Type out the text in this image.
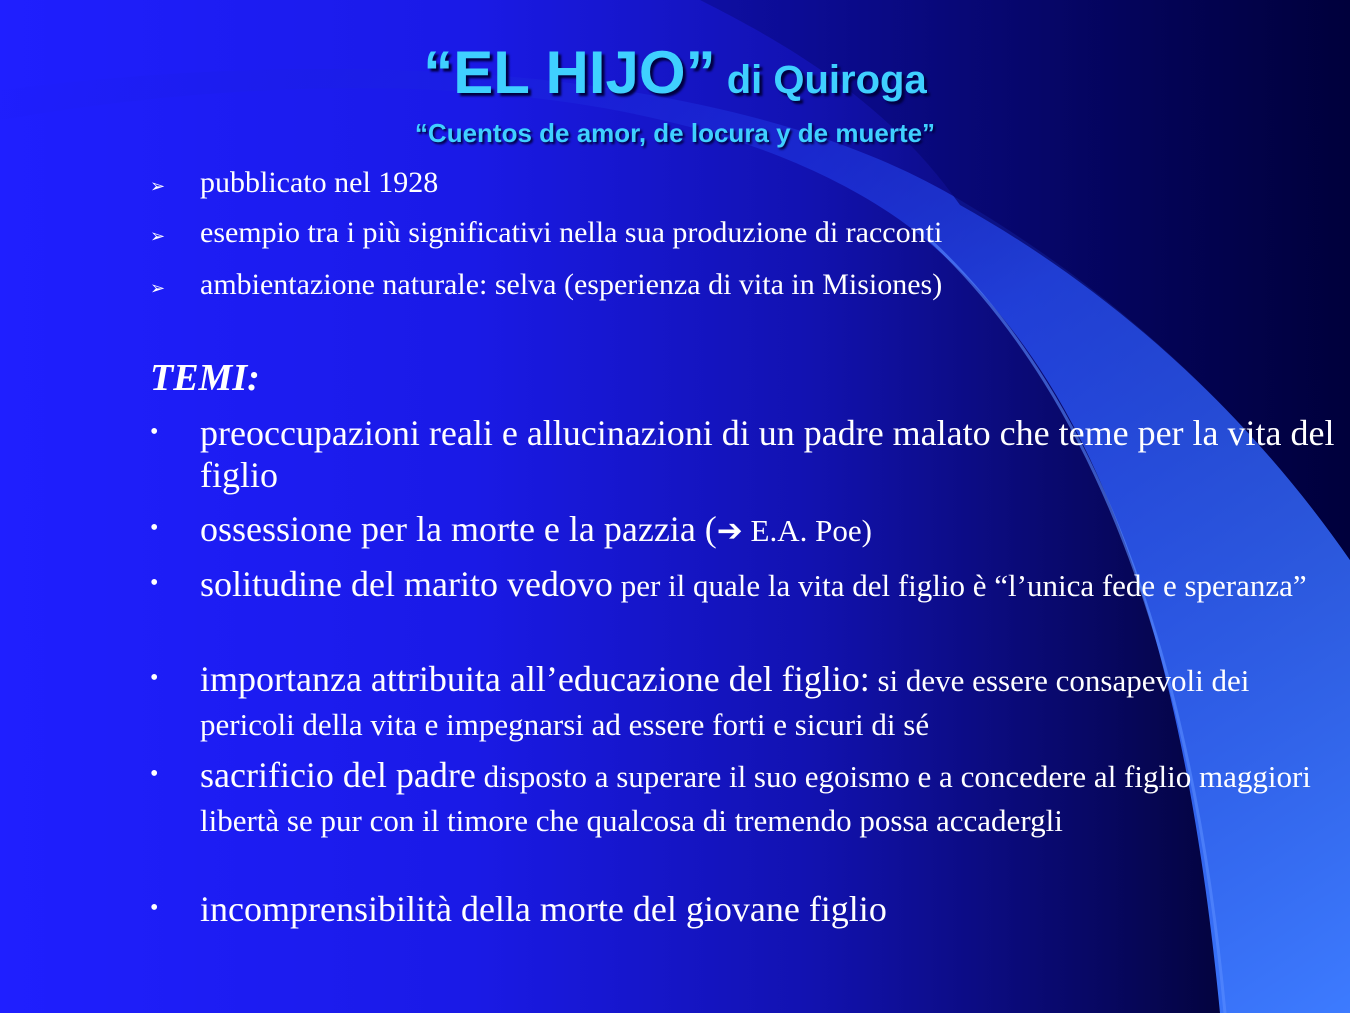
“EL HIJO” di Quiroga
“Cuentos de amor, de locura y de muerte”
➢	pubblicato nel 1928
➢	esempio tra i più significativi nella sua produzione di racconti
➢	ambientazione naturale: selva (esperienza di vita in Misiones)
TEMI:
•	preoccupazioni reali e allucinazioni di un padre malato che teme per la vita del figlio
•	ossessione per la morte e la pazzia (➔ E.A. Poe)
•	solitudine del marito vedovo per il quale la vita del figlio è “l’unica fede e speranza”
•	importanza attribuita all’educazione del figlio: si deve essere consapevoli dei pericoli della vita e impegnarsi ad essere forti e sicuri di sé
•	sacrificio del padre disposto a superare il suo egoismo e a concedere al figlio maggiori libertà se pur con il timore che qualcosa di tremendo possa accadergli
•	incomprensibilità della morte del giovane figlio
